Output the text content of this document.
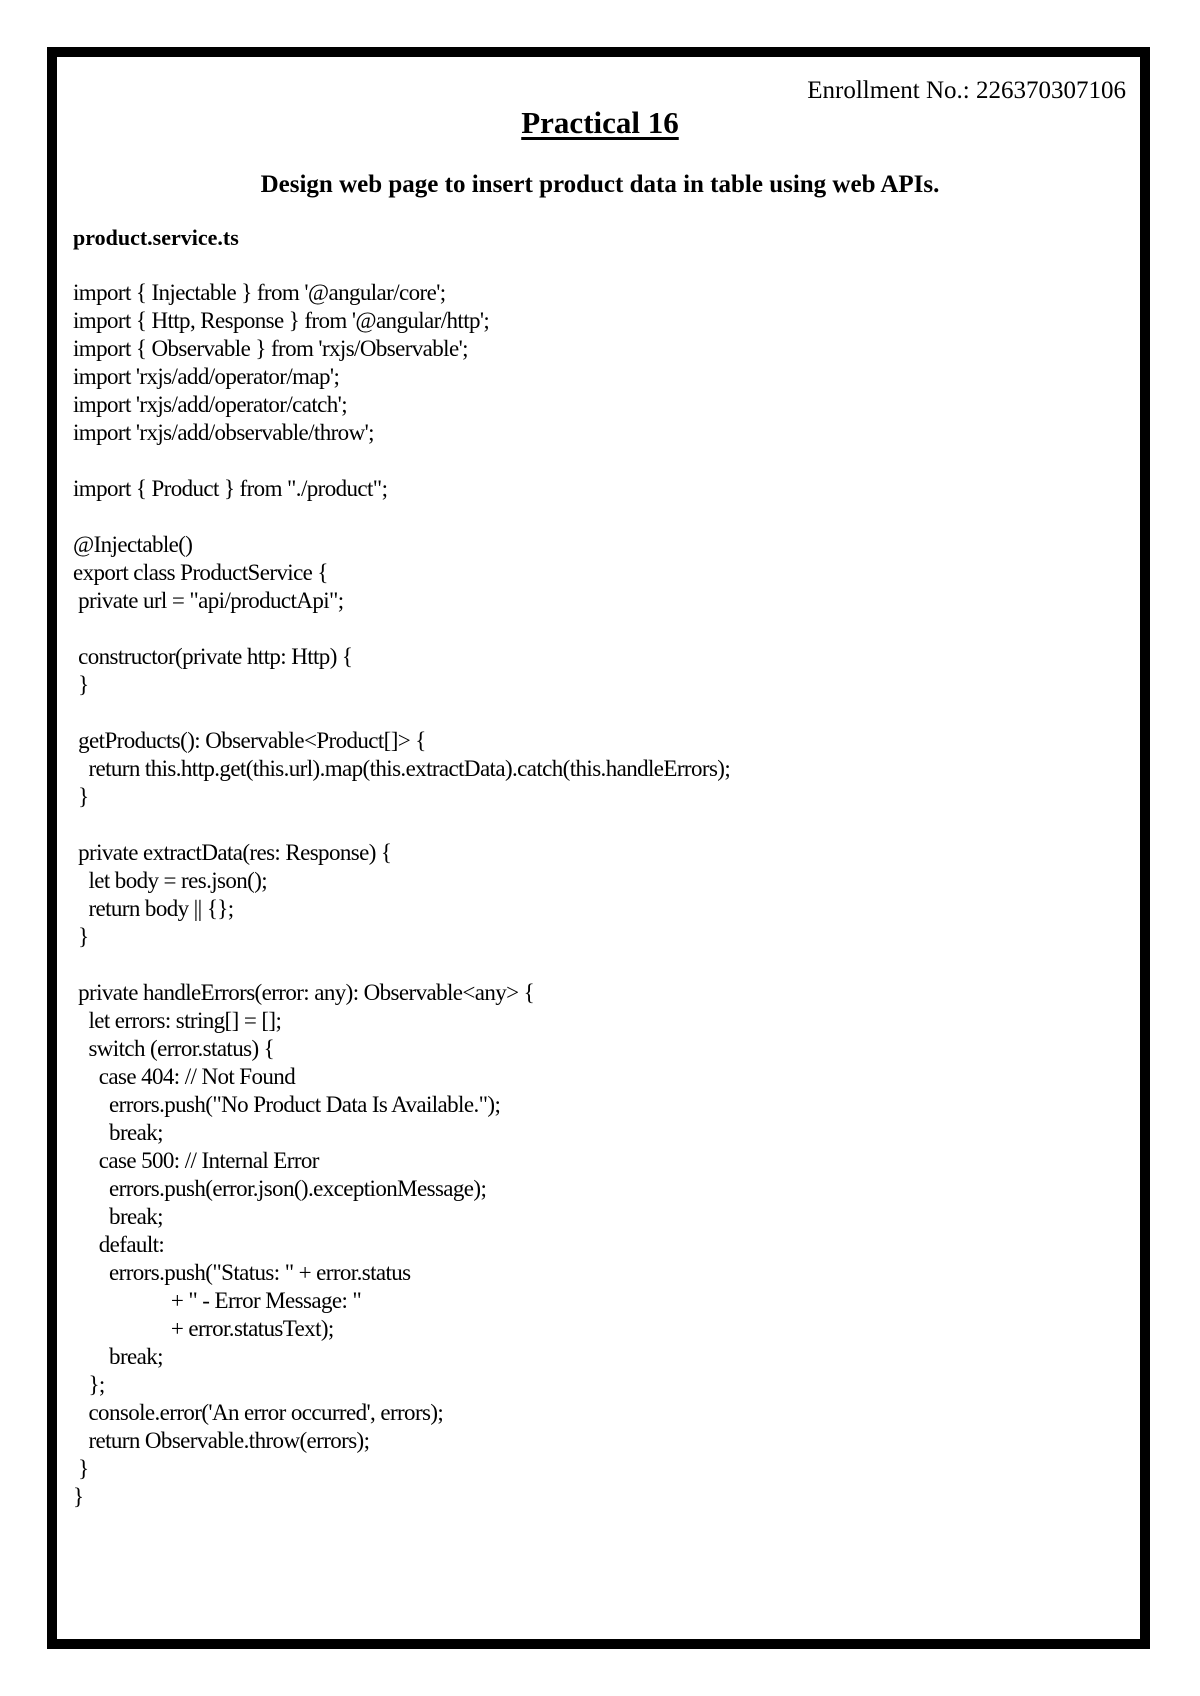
Enrollment No.: 226370307106
Practical 16
Design web page to insert product data in table using web APIs.
product.service.ts
import { Injectable } from '@angular/core';
import { Http, Response } from '@angular/http';
import { Observable } from 'rxjs/Observable';
import 'rxjs/add/operator/map';
import 'rxjs/add/operator/catch';
import 'rxjs/add/observable/throw';
import { Product } from "./product";
@Injectable()
export class ProductService {
private url = "api/productApi";
constructor(private http: Http) {
}
getProducts(): Observable<Product[]> {
return this.http.get(this.url).map(this.extractData).catch(this.handleErrors);
}
private extractData(res: Response) {
let body = res.json();
return body || {};
}
private handleErrors(error: any): Observable<any> {
let errors: string[] = [];
switch (error.status) {
case 404: // Not Found
errors.push("No Product Data Is Available.");
break;
case 500: // Internal Error
errors.push(error.json().exceptionMessage);
break;
default:
errors.push("Status: " + error.status
+ " - Error Message: "
+ error.statusText);
break;
};
console.error('An error occurred', errors);
return Observable.throw(errors);
}
}
